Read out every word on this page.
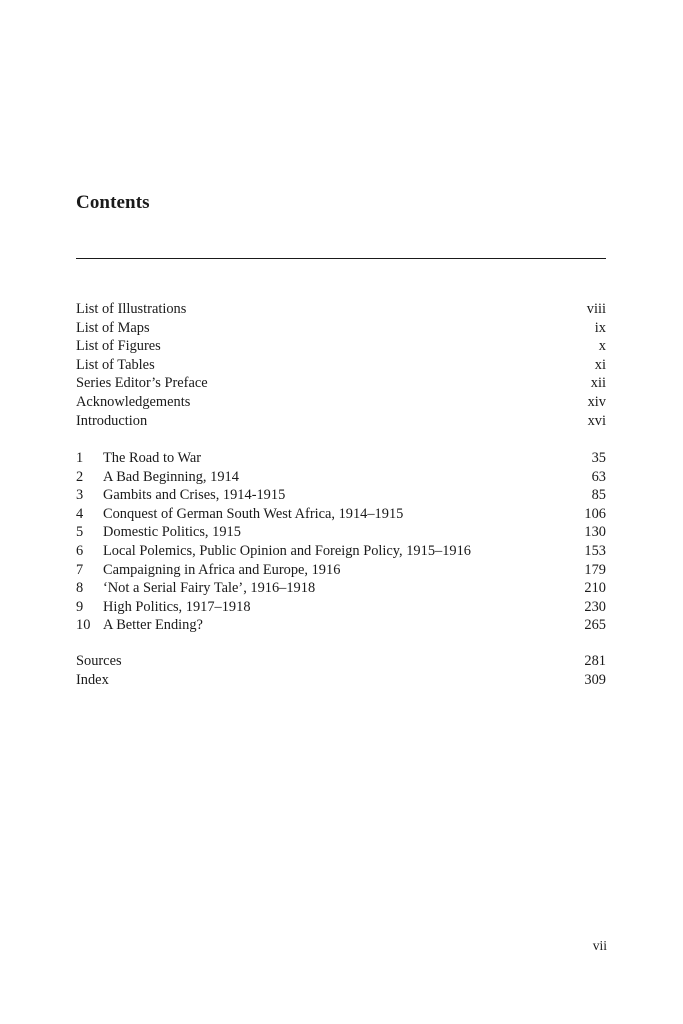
Contents
List of Illustrations	viii
List of Maps	ix
List of Figures	x
List of Tables	xi
Series Editor’s Preface	xii
Acknowledgements	xiv
Introduction	xvi
1	The Road to War	35
2	A Bad Beginning, 1914	63
3	Gambits and Crises, 1914-1915	85
4	Conquest of German South West Africa, 1914–1915	106
5	Domestic Politics, 1915	130
6	Local Polemics, Public Opinion and Foreign Policy, 1915–1916	153
7	Campaigning in Africa and Europe, 1916	179
8	‘Not a Serial Fairy Tale’, 1916–1918	210
9	High Politics, 1917–1918	230
10 A Better Ending?	265
Sources	281
Index	309
vii
